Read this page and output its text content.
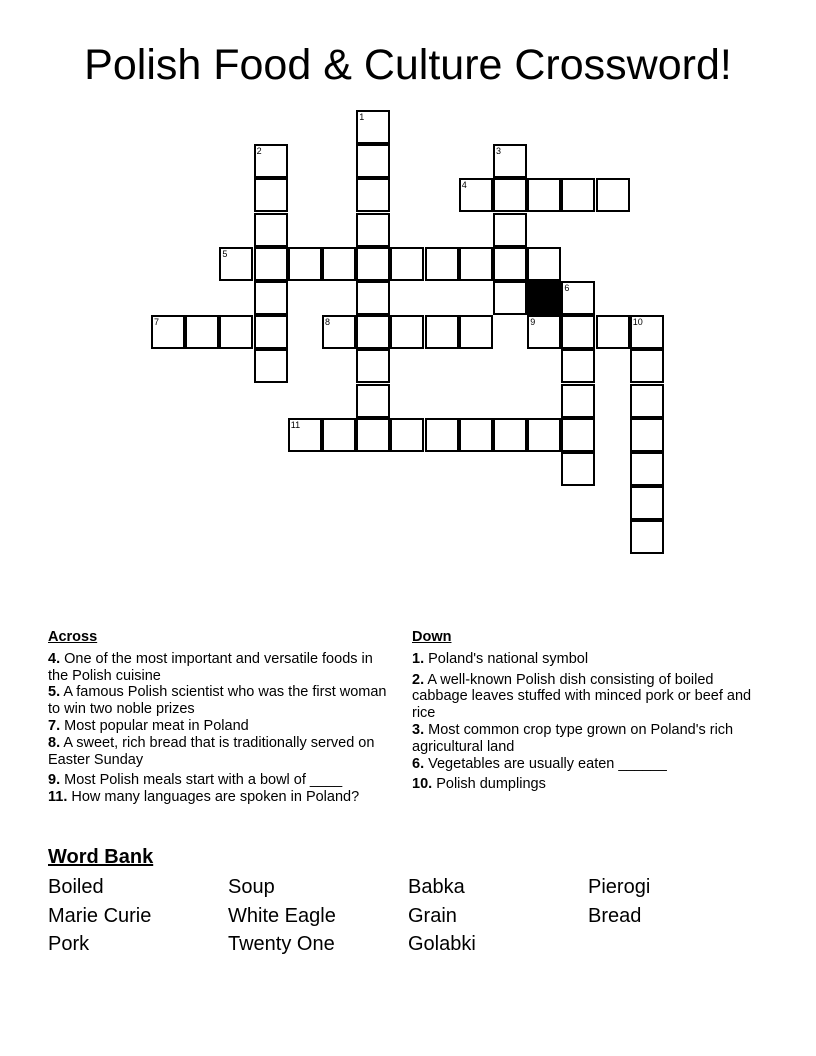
Polish Food & Culture Crossword!
1
2	3
4
5
6
7	8	9	10
11
Across
4. One of the most important and versatile foods in the Polish cuisine
5. A famous Polish scientist who was the first woman to win two noble prizes
7. Most popular meat in Poland
8. A sweet, rich bread that is traditionally served on Easter Sunday
9. Most Polish meals start with a bowl of ____
11. How many languages are spoken in Poland?
Down
1. Poland's national symbol
2. A well-known Polish dish consisting of boiled cabbage leaves stuffed with minced pork or beef and rice
3. Most common crop type grown on Poland's rich agricultural land
6. Vegetables are usually eaten ______
10. Polish dumplings
Word Bank
Boiled	Soup	Babka	Pierogi
Marie Curie	White Eagle	Grain	Bread
Pork	Twenty One	Golabki
